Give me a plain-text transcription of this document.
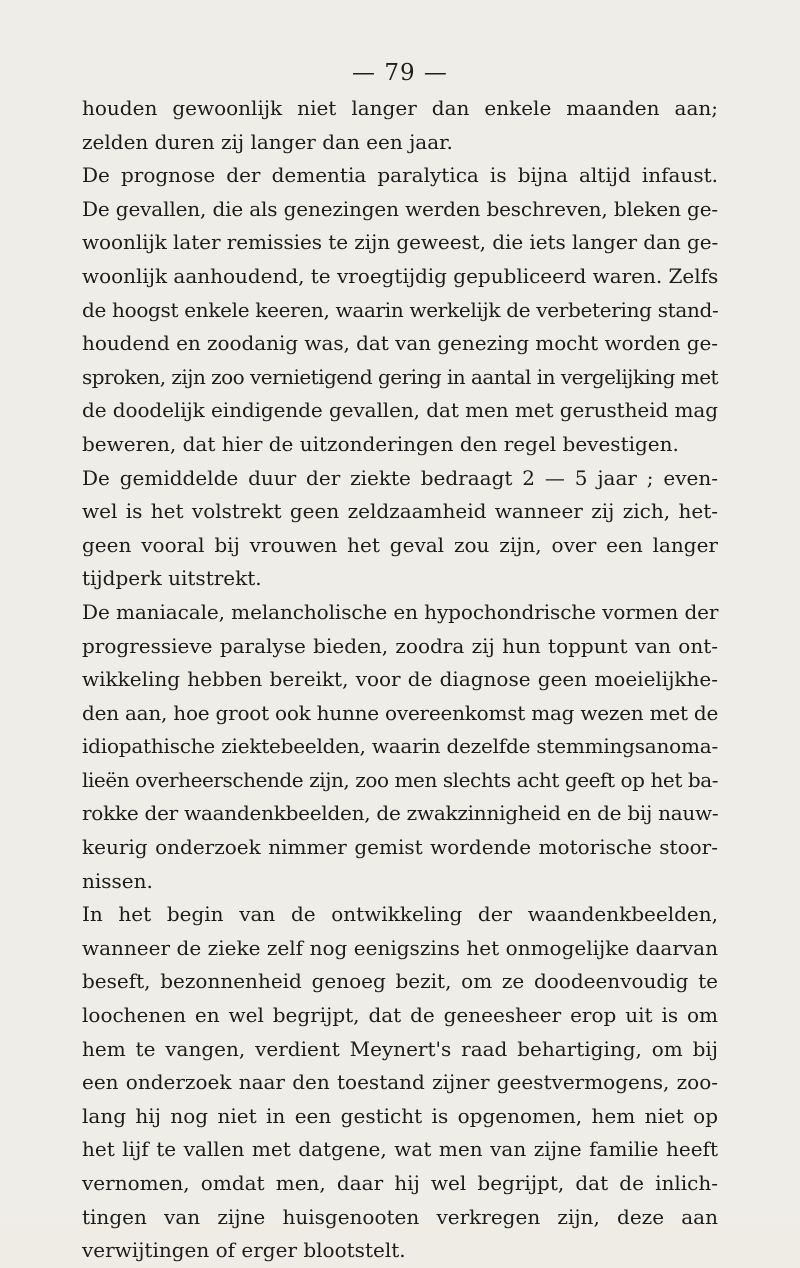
— 79 —
houden gewoonlijk niet langer dan enkele maanden aan;
zelden duren zij langer dan een jaar.
De prognose der dementia paralytica is bijna altijd infaust.
De gevallen, die als genezingen werden beschreven, bleken ge-
woonlijk later remissies te zijn geweest, die iets langer dan ge-
woonlijk aanhoudend, te vroegtijdig gepubliceerd waren. Zelfs
de hoogst enkele keeren, waarin werkelijk de verbetering stand-
houdend en zoodanig was, dat van genezing mocht worden ge-
sproken, zijn zoo vernietigend gering in aantal in vergelijking met
de doodelijk eindigende gevallen, dat men met gerustheid mag
beweren, dat hier de uitzonderingen den regel bevestigen.
De gemiddelde duur der ziekte bedraagt 2 — 5 jaar ; even-
wel is het volstrekt geen zeldzaamheid wanneer zij zich, het-
geen vooral bij vrouwen het geval zou zijn, over een langer
tijdperk uitstrekt.
De maniacale, melancholische en hypochondrische vormen der
progressieve paralyse bieden, zoodra zij hun toppunt van ont-
wikkeling hebben bereikt, voor de diagnose geen moeielijkhe-
den aan, hoe groot ook hunne overeenkomst mag wezen met de
idiopathische ziektebeelden, waarin dezelfde stemmingsanoma-
lieën overheerschende zijn, zoo men slechts acht geeft op het ba-
rokke der waandenkbeelden, de zwakzinnigheid en de bij nauw-
keurig onderzoek nimmer gemist wordende motorische stoor-
nissen.
In het begin van de ontwikkeling der waandenkbeelden,
wanneer de zieke zelf nog eenigszins het onmogelijke daarvan
beseft, bezonnenheid genoeg bezit, om ze doodeenvoudig te
loochenen en wel begrijpt, dat de geneesheer erop uit is om
hem te vangen, verdient Meynert's raad behartiging, om bij
een onderzoek naar den toestand zijner geestvermogens, zoo-
lang hij nog niet in een gesticht is opgenomen, hem niet op
het lijf te vallen met datgene, wat men van zijne familie heeft
vernomen, omdat men, daar hij wel begrijpt, dat de inlich-
tingen van zijne huisgenooten verkregen zijn, deze aan
verwijtingen of erger blootstelt.
